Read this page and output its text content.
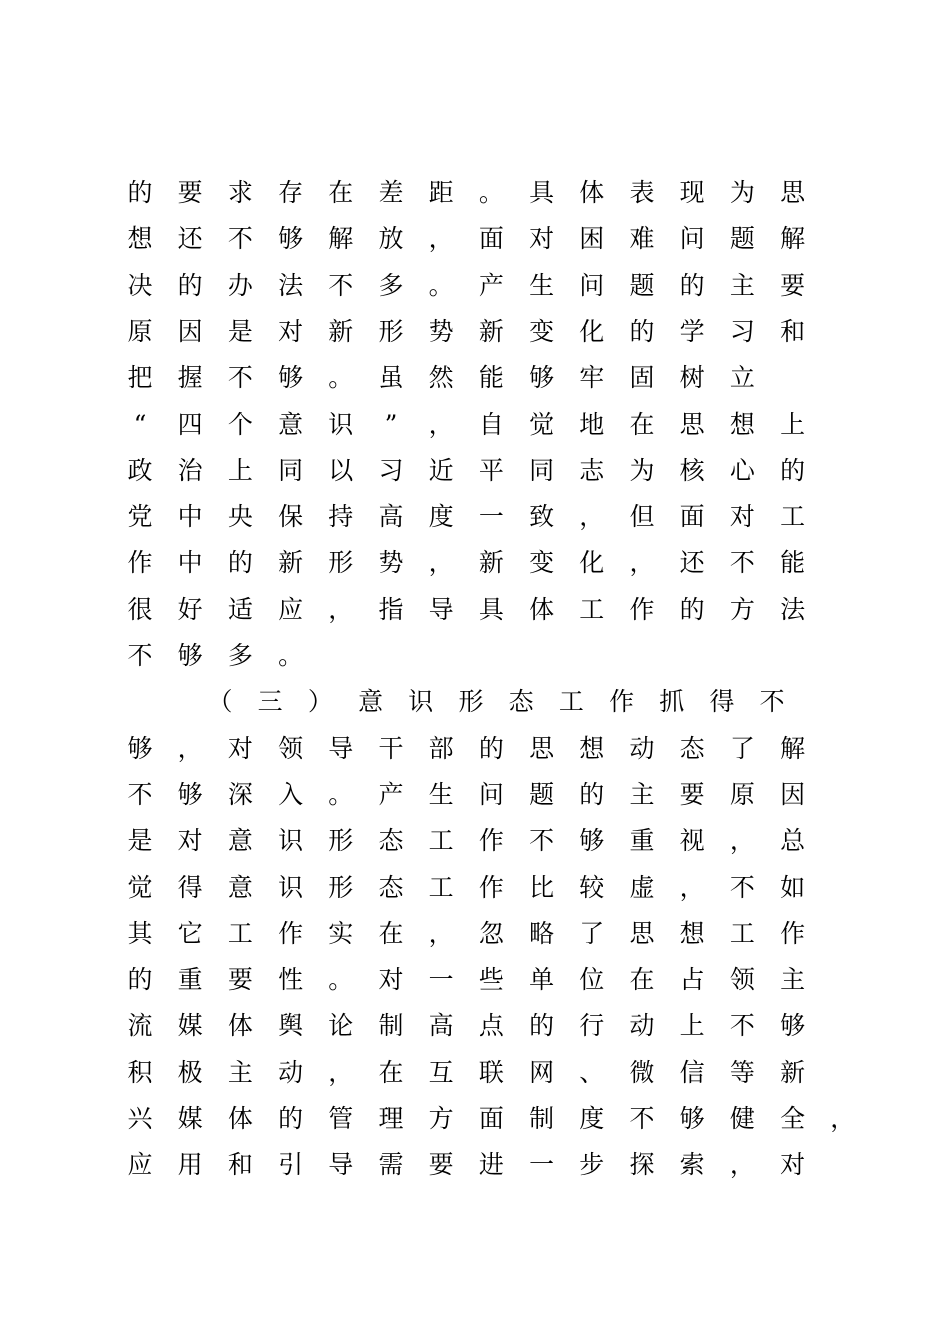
的	要	求	存	在	差	距	。	具	体	表	现	为	思
想	还	不	够	解	放	，	面	对	困	难	问	题	解
决	的	办	法	不	多	。	产	生	问	题	的	主	要
原	因	是	对	新	形	势	新	变	化	的	学	习	和
把	握	不	够	。	虽	然	能	够	牢	固	树	立
“	四	个	意	识	”	，	自	觉	地	在	思	想	上
政	治	上	同	以	习	近	平	同	志	为	核	心	的
党	中	央	保	持	高	度	一	致	，	但	面	对	工
作	中	的	新	形	势	，	新	变	化	，	还	不	能
很	好	适	应	，	指	导	具	体	工	作	的	方	法
不	够	多	。
（	三	）	意	识	形	态	工	作	抓	得	不
够	，	对	领	导	干	部	的	思	想	动	态	了	解
不	够	深	入	。	产	生	问	题	的	主	要	原	因
是	对	意	识	形	态	工	作	不	够	重	视	，	总
觉	得	意	识	形	态	工	作	比	较	虚	，	不	如
其	它	工	作	实	在	，	忽	略	了	思	想	工	作
的	重	要	性	。	对	一	些	单	位	在	占	领	主
流	媒	体	舆	论	制	高	点	的	行	动	上	不	够
积	极	主	动	，	在	互	联	网	、	微	信	等	新
兴	媒	体	的	管	理	方	面	制	度	不	够	健	全	，
应	用	和	引	导	需	要	进	一	步	探	索	，	对
